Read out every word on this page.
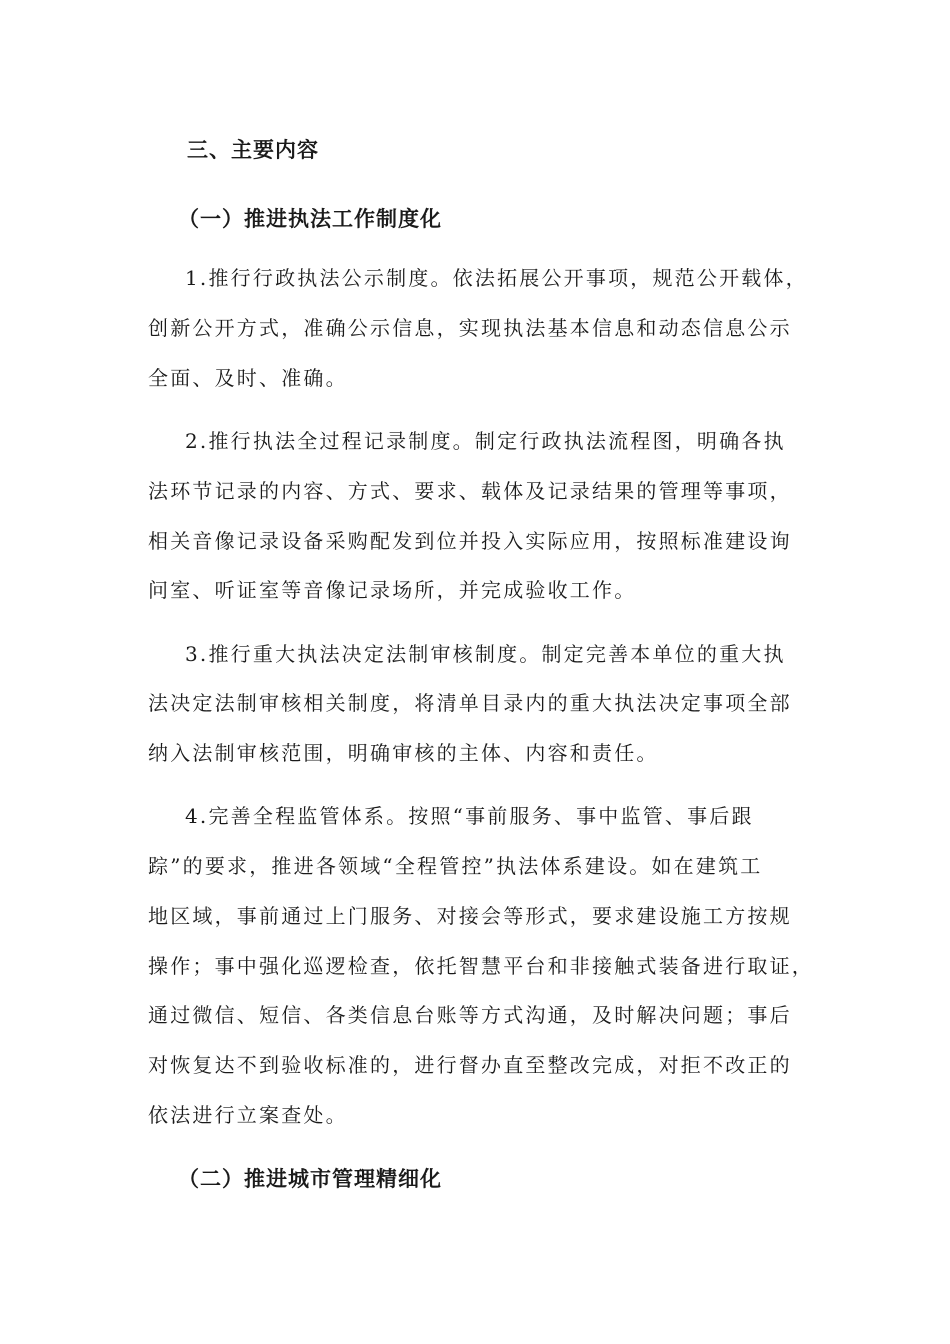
三、主要内容
（一）推进执法工作制度化
1.推行行政执法公示制度。依法拓展公开事项，规范公开载体，
创新公开方式，准确公示信息，实现执法基本信息和动态信息公示
全面、及时、准确。
2.推行执法全过程记录制度。制定行政执法流程图，明确各执
法环节记录的内容、方式、要求、载体及记录结果的管理等事项，
相关音像记录设备采购配发到位并投入实际应用，按照标准建设询
问室、听证室等音像记录场所，并完成验收工作。
3.推行重大执法决定法制审核制度。制定完善本单位的重大执
法决定法制审核相关制度，将清单目录内的重大执法决定事项全部
纳入法制审核范围，明确审核的主体、内容和责任。
4.完善全程监管体系。按照“事前服务、事中监管、事后跟
踪”的要求，推进各领域“全程管控”执法体系建设。如在建筑工
地区域，事前通过上门服务、对接会等形式，要求建设施工方按规
操作；事中强化巡逻检查，依托智慧平台和非接触式装备进行取证，
通过微信、短信、各类信息台账等方式沟通，及时解决问题；事后
对恢复达不到验收标准的，进行督办直至整改完成，对拒不改正的
依法进行立案查处。
（二）推进城市管理精细化
